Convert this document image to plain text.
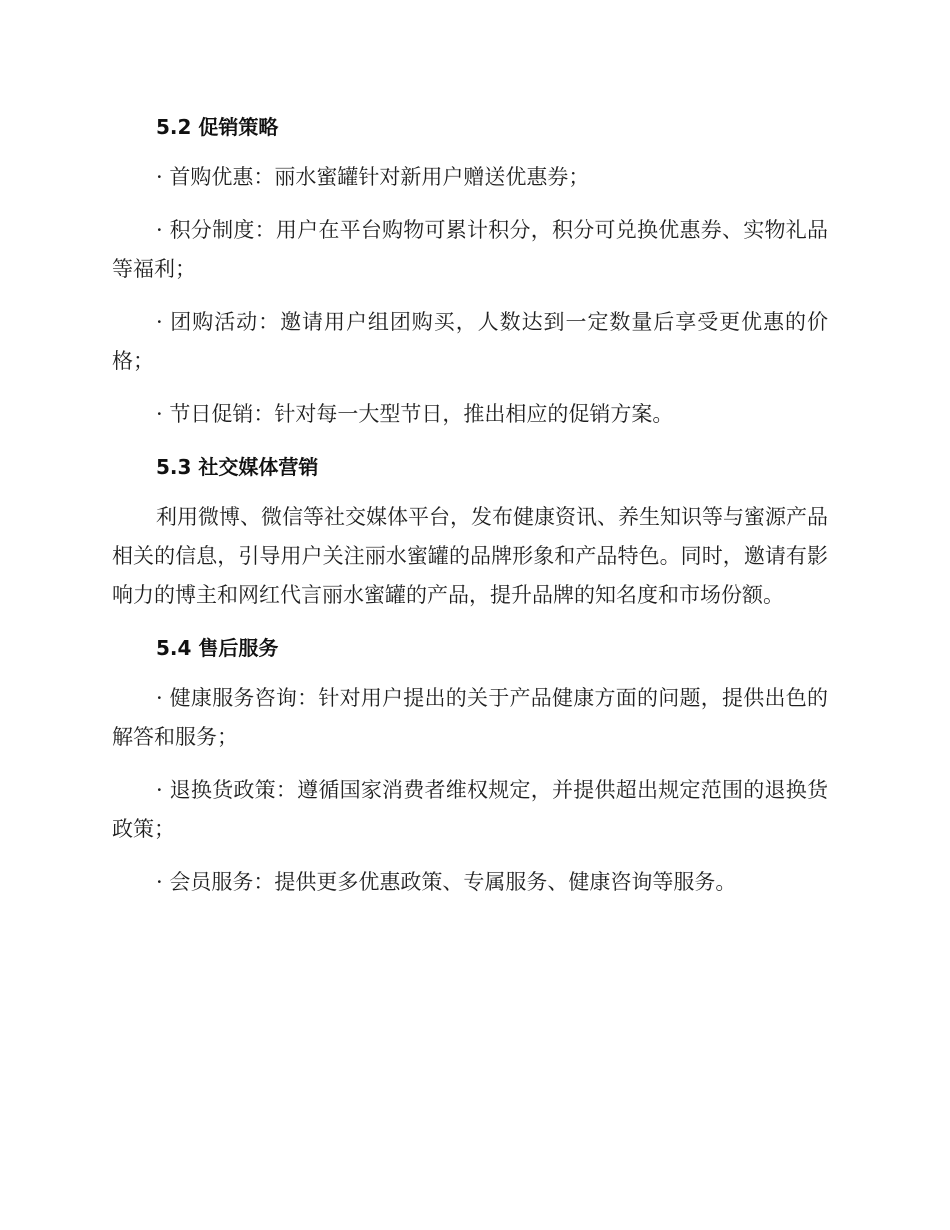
5.2 促销策略

· 首购优惠：丽水蜜罐针对新用户赠送优惠券；

· 积分制度：用户在平台购物可累计积分，积分可兑换优惠券、实物礼品等福利；

· 团购活动：邀请用户组团购买，人数达到一定数量后享受更优惠的价格；

· 节日促销：针对每一大型节日，推出相应的促销方案。

5.3 社交媒体营销

利用微博、微信等社交媒体平台，发布健康资讯、养生知识等与蜜源产品相关的信息，引导用户关注丽水蜜罐的品牌形象和产品特色。同时，邀请有影响力的博主和网红代言丽水蜜罐的产品，提升品牌的知名度和市场份额。

5.4 售后服务

· 健康服务咨询：针对用户提出的关于产品健康方面的问题，提供出色的解答和服务；

· 退换货政策：遵循国家消费者维权规定，并提供超出规定范围的退换货政策；

· 会员服务：提供更多优惠政策、专属服务、健康咨询等服务。
